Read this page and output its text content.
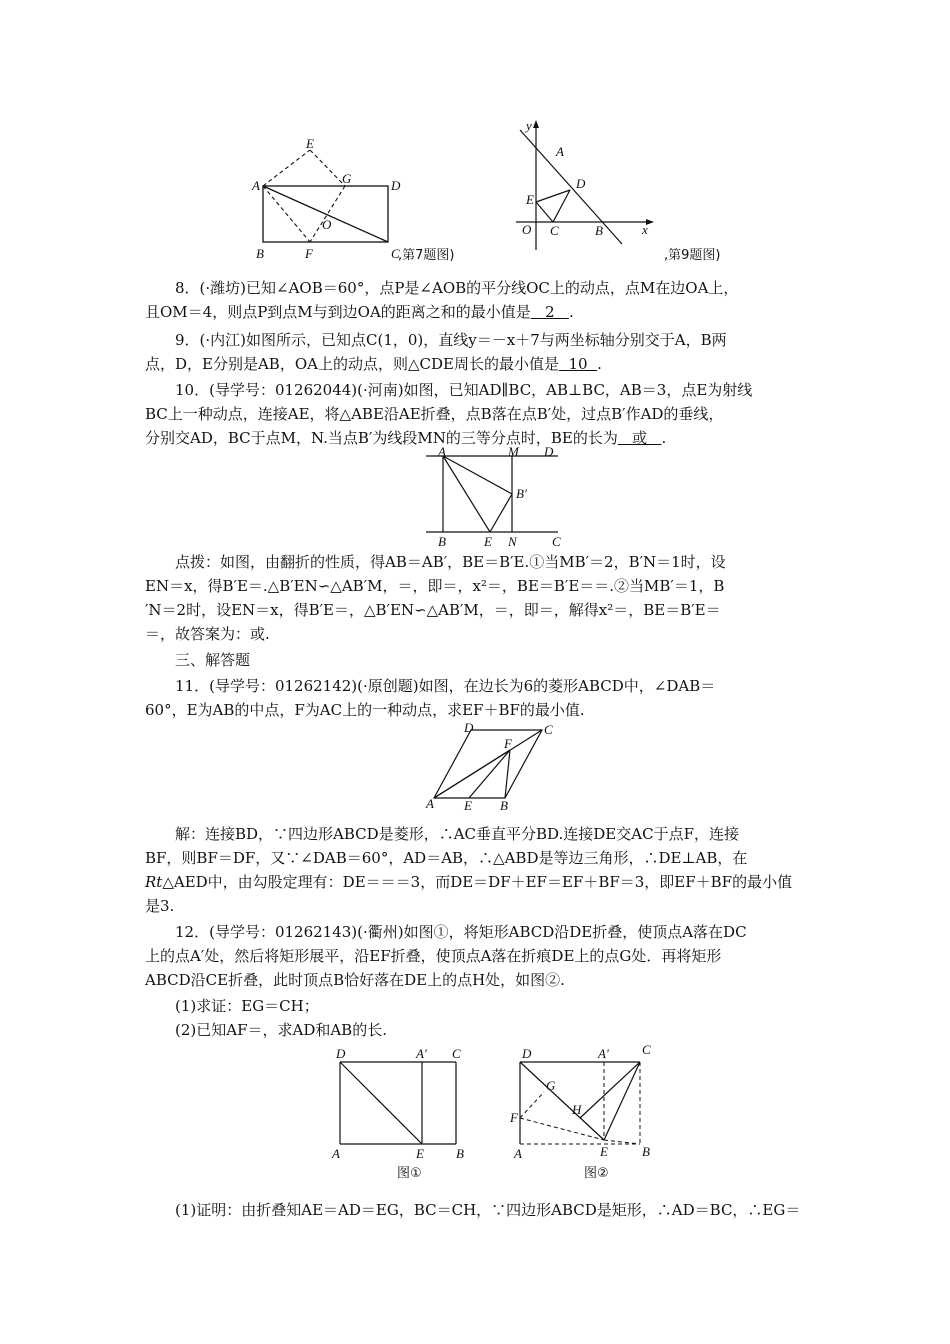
A	D
B	C
E
F
G
O
,第7题图)
y
x
A
D
E
O C	B
,第9题图)
8．(·潍坊)已知∠AOB＝60°，点P是∠AOB的平分线OC上的动点，点M在边OA上，
且OM＝4，则点P到点M与到边OA的距离之和的最小值是   2   .
9．(·内江)如图所示，已知点C(1，0)，直线y＝－x＋7与两坐标轴分别交于A，B两
点，D，E分别是AB，OA上的动点，则△CDE周长的最小值是  10  .
10．(导学号：01262044)(·河南)如图，已知AD∥BC，AB⊥BC，AB＝3，点E为射线
BC上一种动点，连接AE，将△ABE沿AE折叠，点B落在点B′处，过点B′作AD的垂线，
分别交AD，BC于点M，N.当点B′为线段MN的三等分点时，BE的长为   或   .
A	M D
B′
B	E N	C
点拨：如图，由翻折的性质，得AB＝AB′，BE＝B′E.①当MB′＝2，B′N＝1时，设
EN＝x，得B′E＝.△B′EN∽△AB′M，＝，即＝，x²＝，BE＝B′E＝＝.②当MB′＝1，B
′N＝2时，设EN＝x，得B′E＝，△B′EN∽△AB′M，＝，即＝，解得x²＝，BE＝B′E＝
＝，故答案为：或.
三、解答题
11．(导学号：01262142)(·原创题)如图，在边长为6的菱形ABCD中，∠DAB＝
60°，E为AB的中点，F为AC上的一种动点，求EF＋BF的最小值.
D	C
F
A E B
解：连接BD，∵四边形ABCD是菱形，∴AC垂直平分BD.连接DE交AC于点F，连接
BF，则BF＝DF，又∵∠DAB＝60°，AD＝AB，∴△ABD是等边三角形，∴DE⊥AB，在
Rt△AED中，由勾股定理有：DE＝＝＝3，而DE＝DF＋EF＝EF＋BF＝3，即EF＋BF的最小值
是3.
12．(导学号：01262143)(·衢州)如图①，将矩形ABCD沿DE折叠，使顶点A落在DC
上的点A′处，然后将矩形展平，沿EF折叠，使顶点A落在折痕DE上的点G处．再将矩形
ABCD沿CE折叠，此时顶点B恰好落在DE上的点H处，如图②.
(1)求证：EG＝CH；
(2)已知AF＝，求AD和AB的长.
D	A′ C
A	E B
图①
D	A′	C
G
H
F
A	E	B
图②
(1)证明：由折叠知AE＝AD＝EG，BC＝CH，∵四边形ABCD是矩形，∴AD＝BC，∴EG＝
